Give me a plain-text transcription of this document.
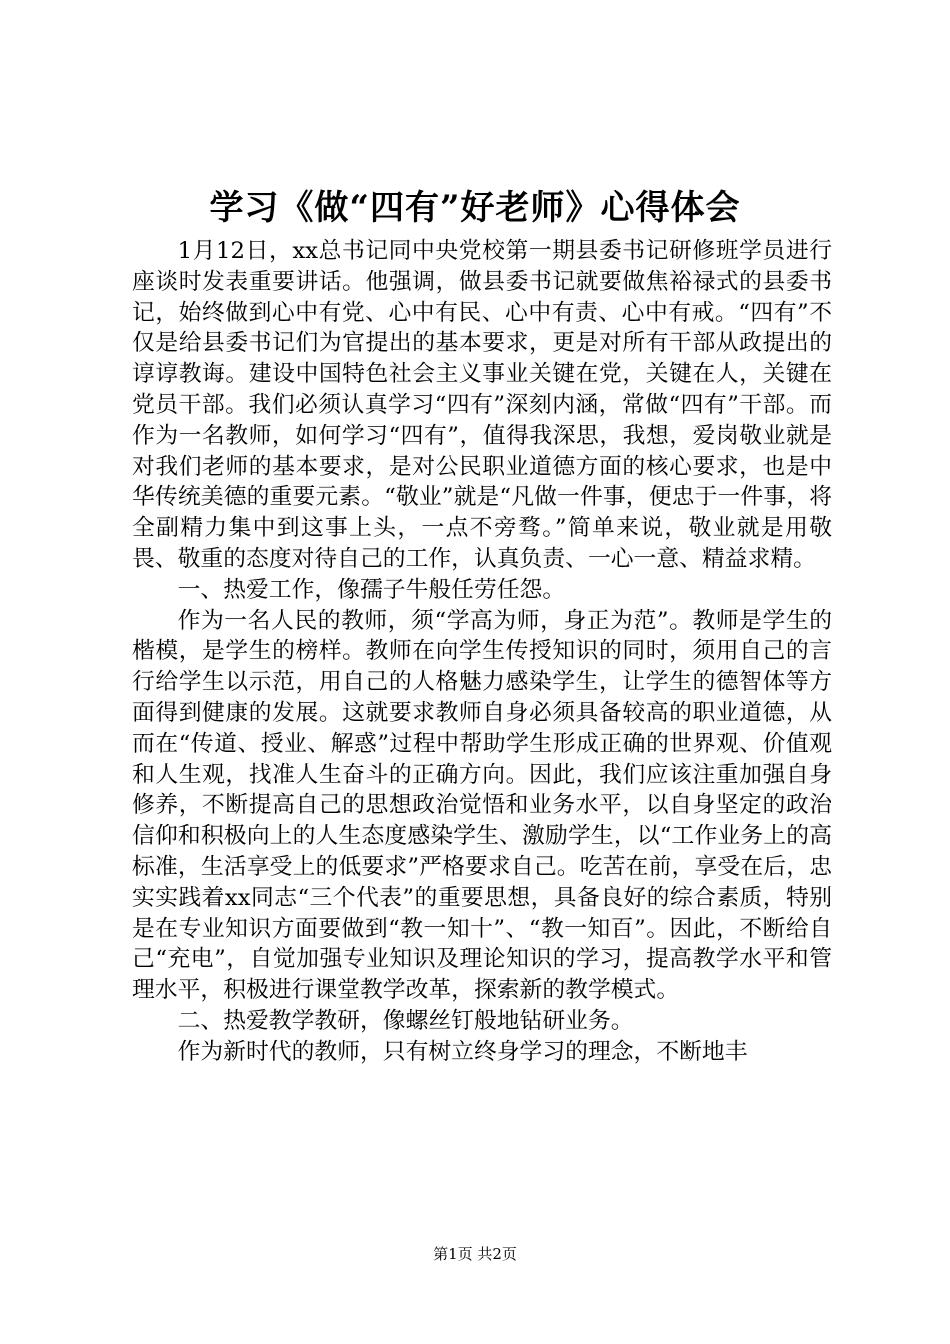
学习《做“四有”好老师》心得体会

1月12日，xx总书记同中央党校第一期县委书记研修班学员进行座谈时发表重要讲话。他强调，做县委书记就要做焦裕禄式的县委书记，始终做到心中有党、心中有民、心中有责、心中有戒。“四有”不仅是给县委书记们为官提出的基本要求，更是对所有干部从政提出的谆谆教诲。建设中国特色社会主义事业关键在党，关键在人，关键在党员干部。我们必须认真学习“四有”深刻内涵，常做“四有”干部。而作为一名教师，如何学习“四有”，值得我深思，我想，爱岗敬业就是对我们老师的基本要求，是对公民职业道德方面的核心要求，也是中华传统美德的重要元素。“敬业”就是“凡做一件事，便忠于一件事，将全副精力集中到这事上头，一点不旁骛。”简单来说，敬业就是用敬畏、敬重的态度对待自己的工作，认真负责、一心一意、精益求精。

一、热爱工作，像孺子牛般任劳任怨。

作为一名人民的教师，须“学高为师，身正为范”。教师是学生的楷模，是学生的榜样。教师在向学生传授知识的同时，须用自己的言行给学生以示范，用自己的人格魅力感染学生，让学生的德智体等方面得到健康的发展。这就要求教师自身必须具备较高的职业道德，从而在“传道、授业、解惑”过程中帮助学生形成正确的世界观、价值观和人生观，找准人生奋斗的正确方向。因此，我们应该注重加强自身修养，不断提高自己的思想政治觉悟和业务水平，以自身坚定的政治信仰和积极向上的人生态度感染学生、激励学生，以“工作业务上的高标准，生活享受上的低要求”严格要求自己。吃苦在前，享受在后，忠实实践着xx同志“三个代表”的重要思想，具备良好的综合素质，特别是在专业知识方面要做到“教一知十”、“教一知百”。因此，不断给自己“充电”，自觉加强专业知识及理论知识的学习，提高教学水平和管理水平，积极进行课堂教学改革，探索新的教学模式。

二、热爱教学教研，像螺丝钉般地钻研业务。

作为新时代的教师，只有树立终身学习的理念，不断地丰

第1页 共2页
